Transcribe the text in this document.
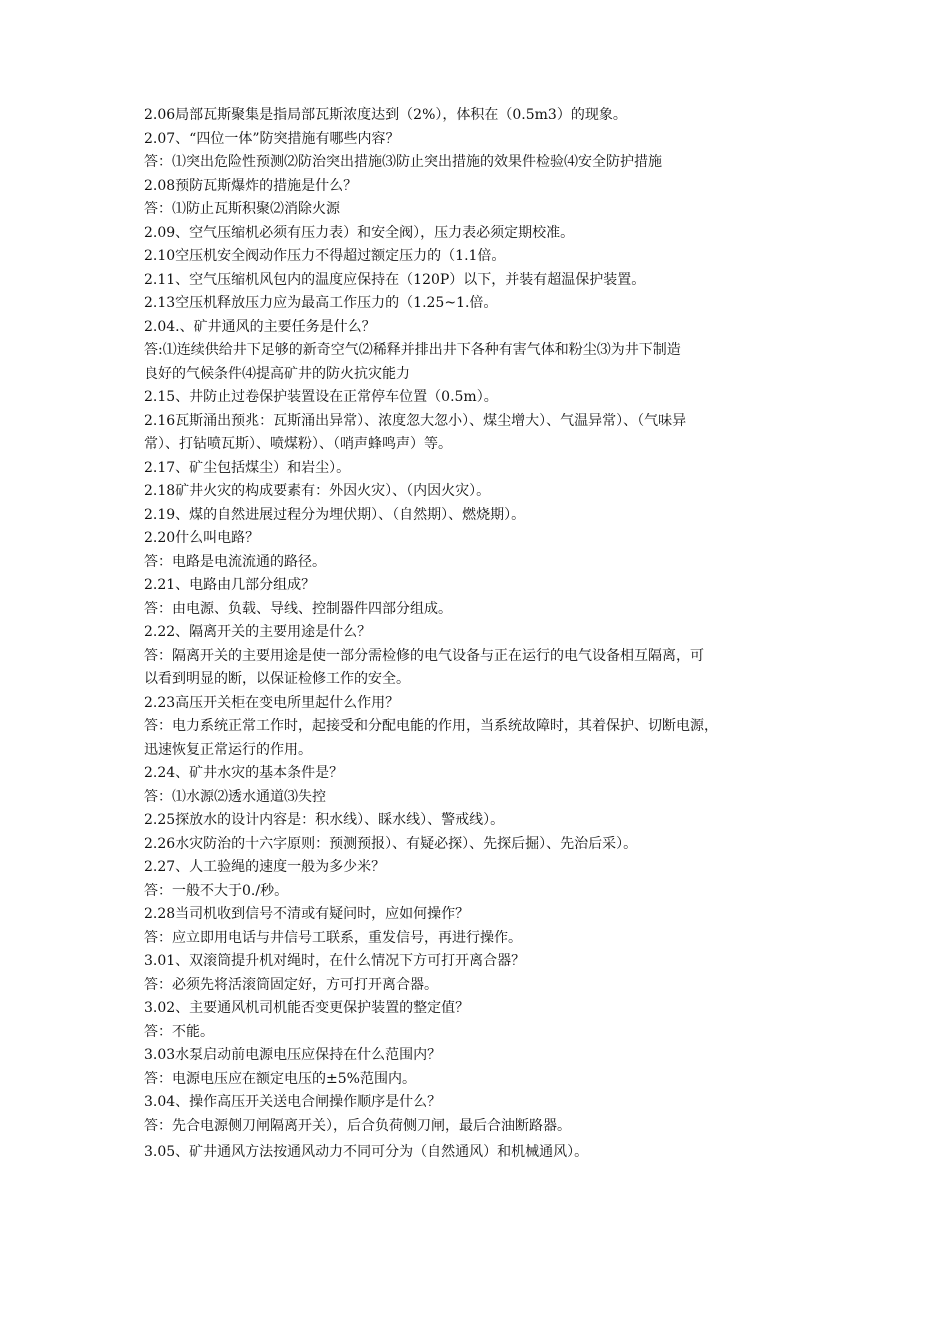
2.06局部瓦斯聚集是指局部瓦斯浓度达到（2%），体积在（0.5m3）的现象。
2.07、“四位一体”防突措施有哪些内容？
答：⑴突出危险性预测⑵防治突出措施⑶防止突出措施的效果件检验⑷安全防护措施
2.08预防瓦斯爆炸的措施是什么？
答：⑴防止瓦斯积聚⑵消除火源
2.09、空气压缩机必须有压力表）和安全阀），压力表必须定期校准。
2.10空压机安全阀动作压力不得超过额定压力的（1.1倍。
2.11、空气压缩机风包内的温度应保持在（120P）以下，并装有超温保护装置。
2.13空压机释放压力应为最高工作压力的（1.25~1.倍。
2.04.、矿井通风的主要任务是什么？
答:⑴连续供给井下足够的新奇空气⑵稀释并排出井下各种有害气体和粉尘⑶为井下制造
良好的气候条件⑷提高矿井的防火抗灾能力
2.15、井防止过卷保护装置设在正常停车位置（0.5m）。
2.16瓦斯涌出预兆：瓦斯涌出异常）、浓度忽大忽小）、煤尘增大）、气温异常）、（气味异
常）、打钻喷瓦斯）、喷煤粉）、（哨声蜂鸣声）等。
2.17、矿尘包括煤尘）和岩尘）。
2.18矿井火灾的构成要素有：外因火灾）、（内因火灾）。
2.19、煤的自然进展过程分为埋伏期）、（自然期）、燃烧期）。
2.20什么叫电路？
答：电路是电流流通的路径。
2.21、电路由几部分组成？
答：由电源、负载、导线、控制器件四部分组成。
2.22、隔离开关的主要用途是什么？
答：隔离开关的主要用途是使一部分需检修的电气设备与正在运行的电气设备相互隔离，可
以看到明显的断，以保证检修工作的安全。
2.23高压开关柜在变电所里起什么作用？
答：电力系统正常工作时，起接受和分配电能的作用，当系统故障时，其着保护、切断电源，
迅速恢复正常运行的作用。
2.24、矿井水灾的基本条件是？
答：⑴水源⑵透水通道⑶失控
2.25探放水的设计内容是：积水线）、睬水线）、警戒线）。
2.26水灾防治的十六字原则：预测预报）、有疑必探）、先探后掘）、先治后采）。
2.27、人工验绳的速度一般为多少米？
答：一般不大于0./秒。
2.28当司机收到信号不清或有疑问时，应如何操作？
答：应立即用电话与井信号工联系，重发信号，再进行操作。
3.01、双滚筒提升机对绳时，在什么情况下方可打开离合器？
答：必须先将活滚筒固定好，方可打开离合器。
3.02、主要通风机司机能否变更保护装置的整定值？
答：不能。
3.03水泵启动前电源电压应保持在什么范围内？
答：电源电压应在额定电压的±5%范围内。
3.04、操作高压开关送电合闸操作顺序是什么？
答：先合电源侧刀闸隔离开关），后合负荷侧刀闸，最后合油断路器。
3.05、矿井通风方法按通风动力不同可分为（自然通风）和机械通风）。
